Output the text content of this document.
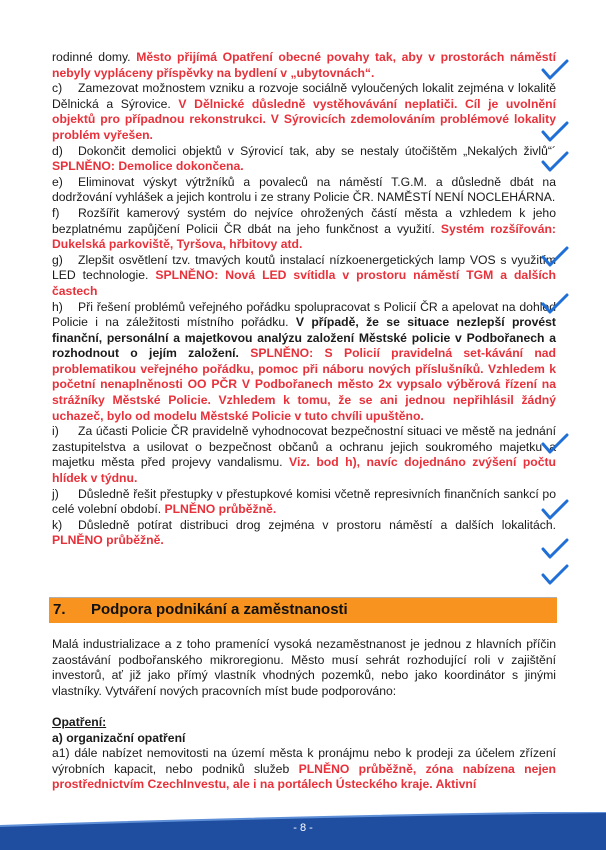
rodinné domy. Město přijímá Opatření obecné povahy tak, aby v prostorách náměstí nebyly vypláceny příspěvky na bydlení v „ubytovnách“.

c) Zamezovat možnostem vzniku a rozvoje sociálně vyloučených lokalit zejména v lokalitě Dělnická a Sýrovice. V Dělnické důsledně vystěhovávání neplatiči. Cíl je uvolnění objektů pro případnou rekonstrukci. V Sýrovicích zdemolováním problémové lokality problém vyřešen.

d) Dokončit demolici objektů v Sýrovicí tak, aby se nestaly útočištěm „Nekalých živlů“´ SPLNĚNO: Demolice dokončena.

e) Eliminovat výskyt výtržníků a povaleců na náměstí T.G.M. a důsledně dbát na dodržování vyhlášek a jejich kontrolu i ze strany Policie ČR. NAMĚSTÍ NENÍ NOCLEHÁRNA.

f) Rozšířit kamerový systém do nejvíce ohrožených částí města a vzhledem k jeho bezplatnému zapůjčení Policii ČR dbát na jeho funkčnost a využití. Systém rozšířován: Dukelská parkoviště, Tyršova, hřbitovy atd.

g) Zlepšit osvětlení tzv. tmavých koutů instalací nízkoenergetických lamp VOS s využitím LED technologie. SPLNĚNO: Nová LED svítidla v prostoru náměstí TGM a dalších častech

h) Při řešení problémů veřejného pořádku spolupracovat s Policií ČR a apelovat na dohled Policie i na záležitosti místního pořádku. V případě, že se situace nezlepší provést finanční, personální a majetkovou analýzu založení Městské policie v Podbořanech a rozhodnout o jejím založení. SPLNĚNO: S Policií pravidelná set-kávání nad problematikou veřejného pořádku, pomoc při náboru nových příslušníků. Vzhledem k početní nenaplněnosti OO PČR V Podbořanech město 2x vypsalo výběrová řízení na strážníky Městské Policie. Vzhledem k tomu, že se ani jednou nepřihlásil žádný uchazeč, bylo od modelu Městské Policie v tuto chvíli upuštěno.

i) Za účasti Policie ČR pravidelně vyhodnocovat bezpečnostní situaci ve městě na jednání zastupitelstva a usilovat o bezpečnost občanů a ochranu jejich soukromého majetku a majetku města před projevy vandalismu. Viz. bod h), navíc dojednáno zvýšení počtu hlídek v týdnu.

j) Důsledně řešit přestupky v přestupkové komisi včetně represivních finančních sankcí po celé volební období. PLNĚNO průběžně.

k) Důsledně potírat distribuci drog zejména v prostoru náměstí a dalších lokalitách. PLNĚNO průběžně.

7. Podpora podnikání a zaměstnanosti

Malá industrializace a z toho pramenící vysoká nezaměstnanost je jednou z hlavních příčin zaostávání podbořanského mikroregionu. Město musí sehrát rozhodující roli v zajištění investorů, ať již jako přímý vlastník vhodných pozemků, nebo jako koordinátor s jinými vlastníky. Vytváření nových pracovních míst bude podporováno:

Opatření:

a) organizační opatření

a1) dále nabízet nemovitosti na území města k pronájmu nebo k prodeji za účelem zřízení výrobních kapacit, nebo podniků služeb PLNĚNO průběžně, zóna nabízena nejen prostřednictvím CzechInvestu, ale i na portálech Ústeckého kraje. Aktivní

- 8 -
